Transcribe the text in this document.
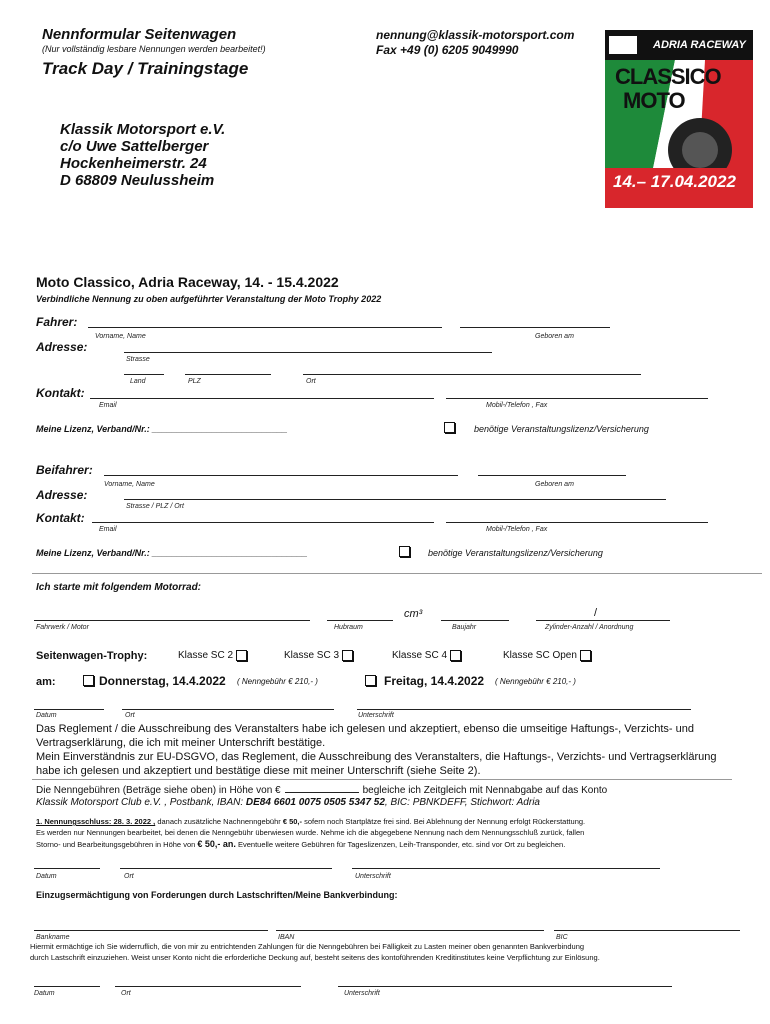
Nennformular Seitenwagen
(Nur vollständig lesbare Nennungen werden bearbeitet!)
Track Day / Trainingstage
nennung@klassik-motorsport.com
Fax +49 (0) 6205 9049990
Klassik Motorsport e.V.
c/o Uwe Sattelberger
Hockenheimerstr. 24
D 68809 Neulussheim
ADRIA RACEWAY
CLASSICO
MOTO
14.– 17.04.2022
Moto Classico, Adria Raceway, 14. - 15.4.2022
Verbindliche Nennung zu oben aufgeführter Veranstaltung der Moto Trophy 2022
Fahrer:
Vorname, Name	Geboren am
Adresse:
Strasse
Land	PLZ	Ort
Kontakt:
Email	Mobil-/Telefon , Fax
Meine Lizenz, Verband/Nr.: ___________________________	benötige Veranstaltungslizenz/Versicherung
Beifahrer:
Vorname, Name	Geboren am
Adresse:
Strasse / PLZ / Ort
Kontakt:
Email	Mobil-/Telefon , Fax
Meine Lizenz, Verband/Nr.: _______________________________	benötige Veranstaltungslizenz/Versicherung
Ich starte mit folgendem Motorrad:
cm³	/
Fahrwerk / Motor	Hubraum	Baujahr	Zylinder-Anzahl / Anordnung
Seitenwagen-Trophy:	Klasse SC 2	Klasse SC 3	Klasse SC 4	Klasse SC Open
am:	Donnerstag, 14.4.2022 ( Nenngebühr € 210,- )	Freitag, 14.4.2022 ( Nenngebühr € 210,- )
Datum	Ort	Unterschrift
Das Reglement / die Ausschreibung des Veranstalters habe ich gelesen und akzeptiert, ebenso die umseitige Haftungs-, Verzichts- und Vertragserklärung, die ich mit meiner Unterschrift bestätige.
Mein Einverständnis zur EU-DSGVO, das Reglement, die Ausschreibung des Veranstalters, die Haftungs-, Verzichts- und Vertragserklärung habe ich gelesen und akzeptiert und bestätige diese mit meiner Unterschrift (siehe Seite 2).
Die Nenngebühren (Beträge siehe oben) in Höhe von €	begleiche ich Zeitgleich mit Nennabgabe auf das Konto
Klassik Motorsport Club e.V. , Postbank, IBAN: DE84 6601 0075 0505 5347 52, BIC: PBNKDEFF, Stichwort: Adria
1. Nennungsschluss: 28. 3. 2022 , danach zusätzliche Nachnenngebühr € 50,- sofern noch Startplätze frei sind. Bei Ablehnung der Nennung erfolgt Rückerstattung.
Es werden nur Nennungen bearbeitet, bei denen die Nenngebühr überwiesen wurde. Nehme ich die abgegebene Nennung nach dem Nennungsschluß zurück, fallen
Storno- und Bearbeitungsgebühren in Höhe von € 50,- an. Eventuelle weitere Gebühren für Tageslizenzen, Leih-Transponder, etc. sind vor Ort zu begleichen.
Datum	Ort	Unterschrift
Einzugsermächtigung von Forderungen durch Lastschriften/Meine Bankverbindung:
Bankname	IBAN	BIC
Hiermit ermächtige ich Sie widerruflich, die von mir zu entrichtenden Zahlungen für die Nenngebühren bei Fälligkeit zu Lasten meiner oben genannten Bankverbindung
durch Lastschrift einzuziehen. Weist unser Konto nicht die erforderliche Deckung auf, besteht seitens des kontoführenden Kreditinstitutes keine Verpflichtung zur Einlösung.
Datum	Ort	Unterschrift
